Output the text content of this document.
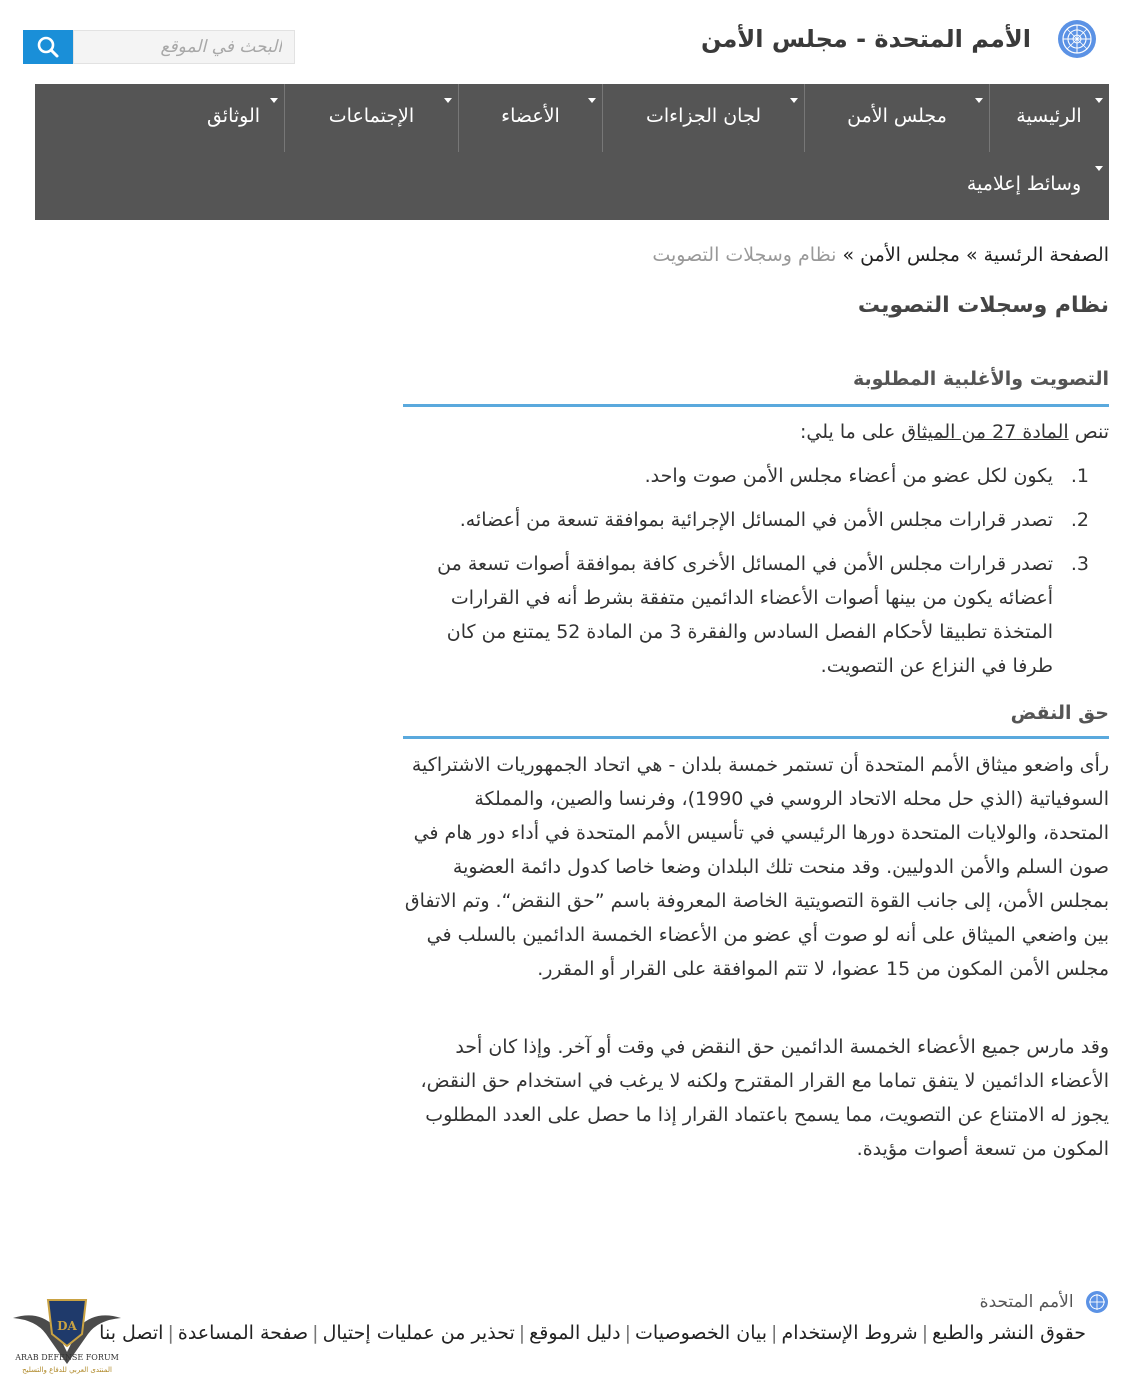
الأمم المتحدة - مجلس الأمن
البحث في الموقع
الرئيسية
مجلس الأمن
لجان الجزاءات
الأعضاء
الإجتماعات
الوثائق
وسائط إعلامية
الصفحة الرئسية » مجلس الأمن » نظام وسجلات التصويت
نظام وسجلات التصويت
التصويت والأغلبية المطلوبة

تنص المادة 27 من الميثاق على ما يلي:

1.
يكون لكل عضو من أعضاء مجلس الأمن صوت واحد.
2.
تصدر قرارات مجلس الأمن في المسائل الإجرائية بموافقة تسعة من أعضائه.
3.
تصدر قرارات مجلس الأمن في المسائل الأخرى كافة بموافقة أصوات تسعة من أعضائه يكون من بينها أصوات الأعضاء الدائمين متفقة بشرط أنه في القرارات المتخذة تطبيقا لأحكام الفصل السادس والفقرة 3 من المادة 52 يمتنع من كان طرفا في النزاع عن التصويت.
حق النقض

رأى واضعو ميثاق الأمم المتحدة أن تستمر خمسة بلدان - هي اتحاد الجمهوريات الاشتراكية السوفياتية (الذي حل محله الاتحاد الروسي في 1990)، وفرنسا والصين، والمملكة المتحدة، والولايات المتحدة دورها الرئيسي في تأسيس الأمم المتحدة في أداء دور هام في صون السلم والأمن الدوليين. وقد منحت تلك البلدان وضعا خاصا كدول دائمة العضوية بمجلس الأمن، إلى جانب القوة التصويتية الخاصة المعروفة باسم ”حق النقض“. وتم الاتفاق بين واضعي الميثاق على أنه لو صوت أي عضو من الأعضاء الخمسة الدائمين بالسلب في مجلس الأمن المكون من 15 عضوا، لا تتم الموافقة على القرار أو المقرر.

وقد مارس جميع الأعضاء الخمسة الدائمين حق النقض في وقت أو آخر. وإذا كان أحد الأعضاء الدائمين لا يتفق تماما مع القرار المقترح ولكنه لا يرغب في استخدام حق النقض، يجوز له الامتناع عن التصويت، مما يسمح باعتماد القرار إذا ما حصل على العدد المطلوب المكون من تسعة أصوات مؤيدة.

الأمم المتحدة
حقوق النشر والطبع|شروط الإستخدام|بيان الخصوصيات|دليل الموقع|تحذير من عمليات إحتيال|صفحة المساعدة|اتصل بنا
DA
ARAB DEFENSE FORUM
المنتدى العربي للدفاع والتسليح
